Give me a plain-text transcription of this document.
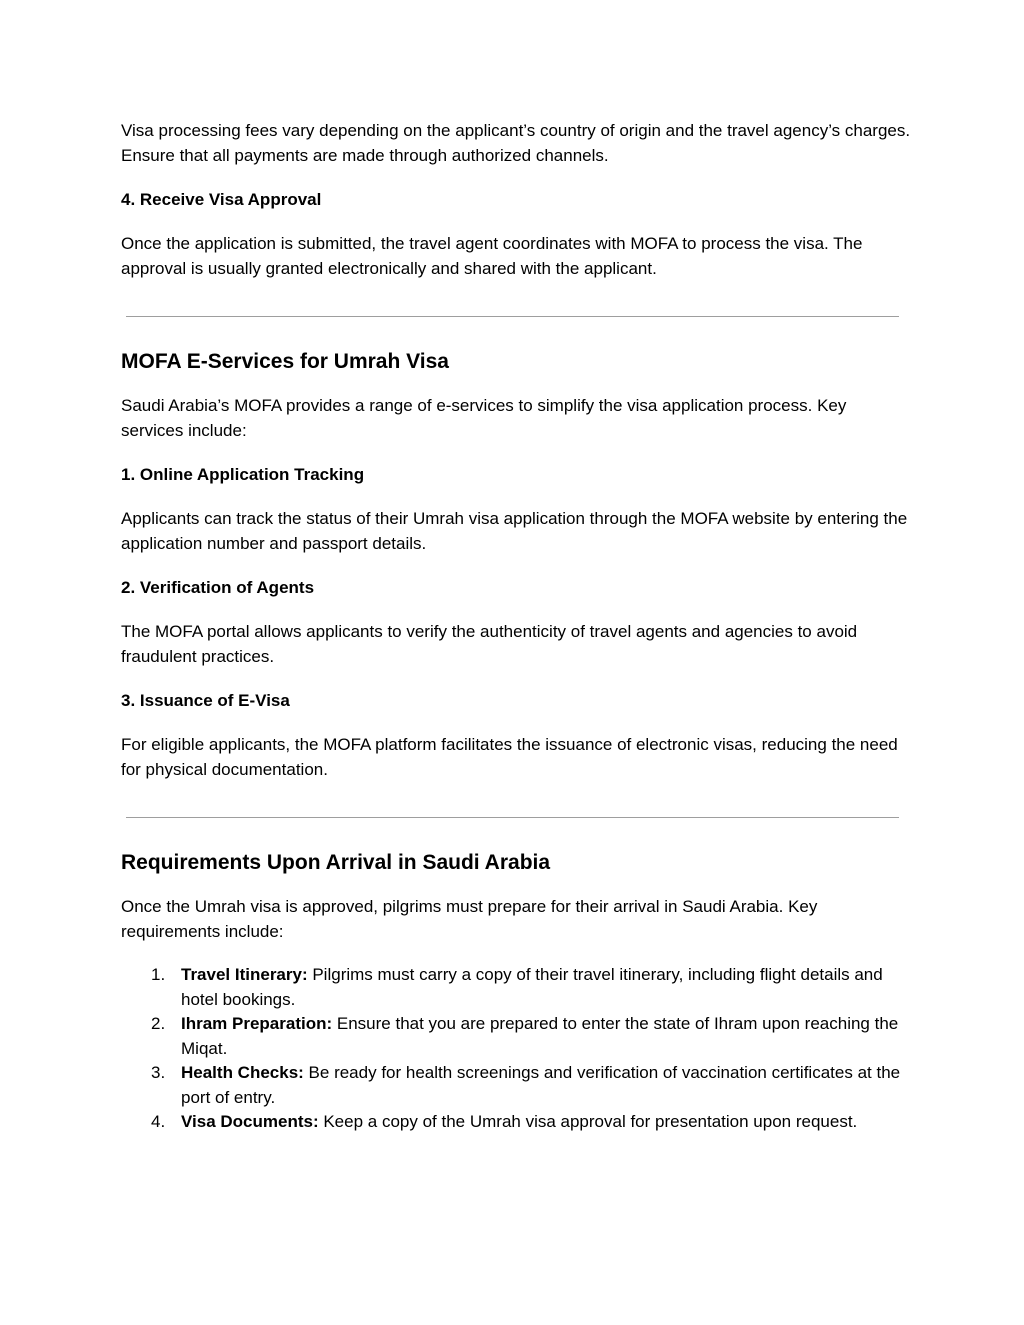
Visa processing fees vary depending on the applicant’s country of origin and the travel agency’s charges. Ensure that all payments are made through authorized channels.

4. Receive Visa Approval

Once the application is submitted, the travel agent coordinates with MOFA to process the visa. The approval is usually granted electronically and shared with the applicant.

MOFA E-Services for Umrah Visa

Saudi Arabia’s MOFA provides a range of e-services to simplify the visa application process. Key services include:

1. Online Application Tracking

Applicants can track the status of their Umrah visa application through the MOFA website by entering the application number and passport details.

2. Verification of Agents

The MOFA portal allows applicants to verify the authenticity of travel agents and agencies to avoid fraudulent practices.

3. Issuance of E-Visa

For eligible applicants, the MOFA platform facilitates the issuance of electronic visas, reducing the need for physical documentation.

Requirements Upon Arrival in Saudi Arabia

Once the Umrah visa is approved, pilgrims must prepare for their arrival in Saudi Arabia. Key requirements include:

1. Travel Itinerary: Pilgrims must carry a copy of their travel itinerary, including flight details and hotel bookings.
2. Ihram Preparation: Ensure that you are prepared to enter the state of Ihram upon reaching the Miqat.
3. Health Checks: Be ready for health screenings and verification of vaccination certificates at the port of entry.
4. Visa Documents: Keep a copy of the Umrah visa approval for presentation upon request.
